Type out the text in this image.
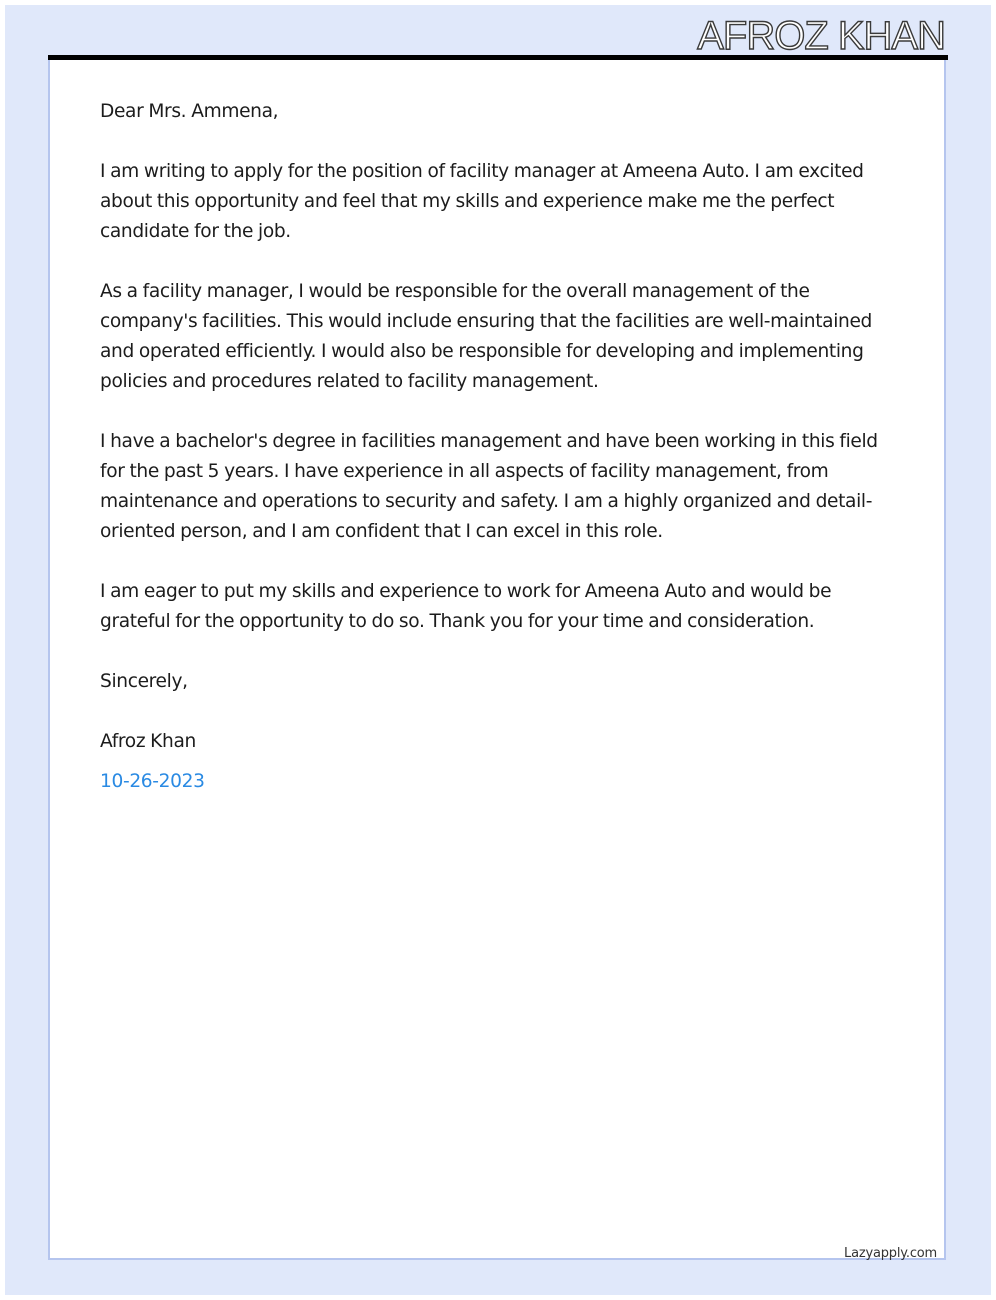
AFROZ KHAN

Dear Mrs. Ammena,

I am writing to apply for the position of facility manager at Ameena Auto. I am excited about this opportunity and feel that my skills and experience make me the perfect candidate for the job.

As a facility manager, I would be responsible for the overall management of the company's facilities. This would include ensuring that the facilities are well-maintained and operated efficiently. I would also be responsible for developing and implementing policies and procedures related to facility management.

I have a bachelor's degree in facilities management and have been working in this field for the past 5 years. I have experience in all aspects of facility management, from maintenance and operations to security and safety. I am a highly organized and detail-oriented person, and I am confident that I can excel in this role.

I am eager to put my skills and experience to work for Ameena Auto and would be grateful for the opportunity to do so. Thank you for your time and consideration.

Sincerely,

Afroz Khan

10-26-2023

Lazyapply.com
